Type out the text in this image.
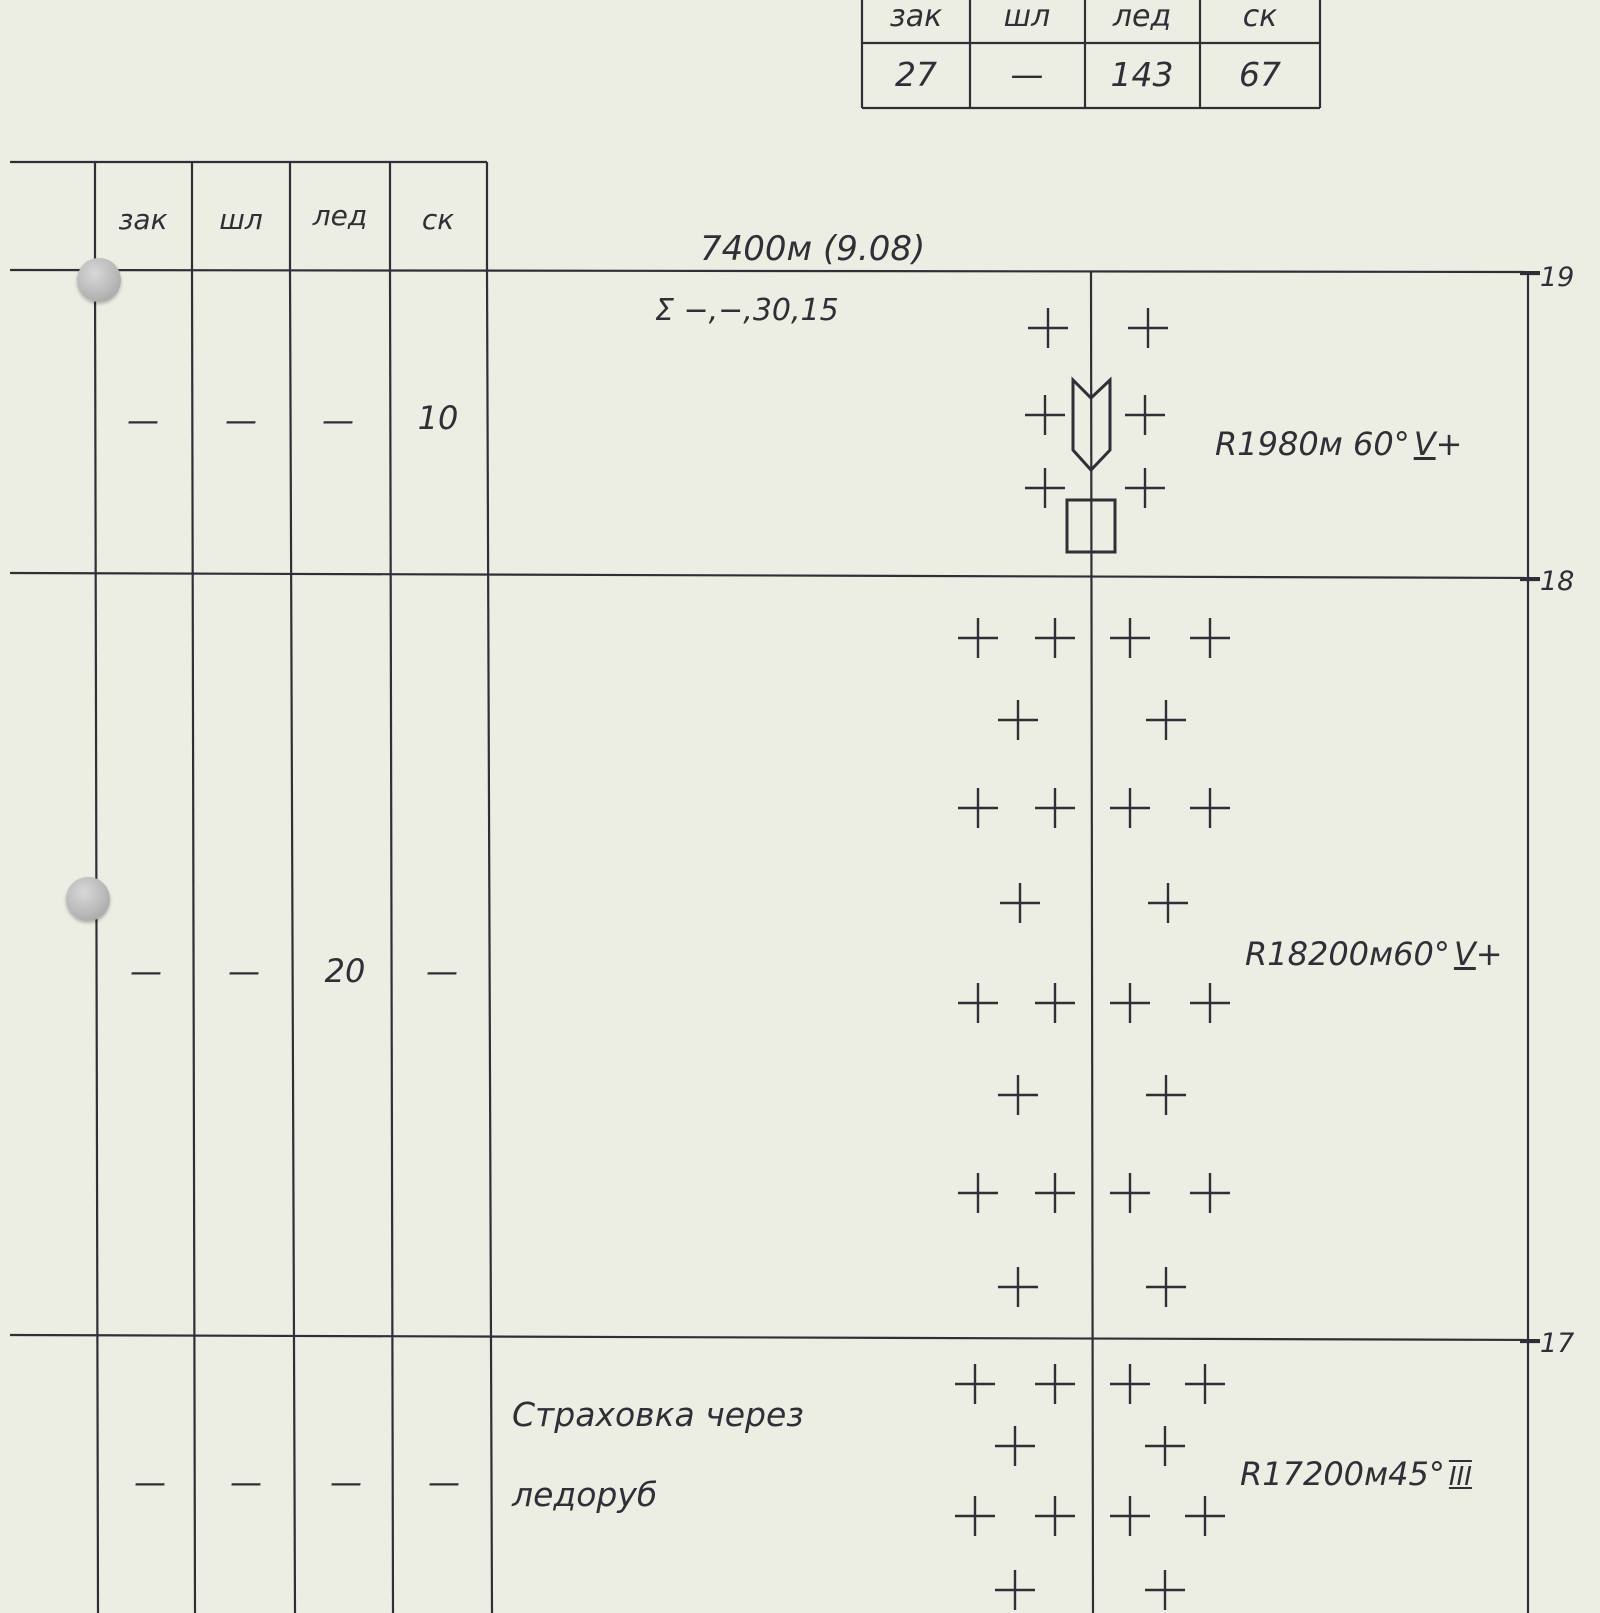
зак шл лед ск
27 — 143 67
зак шл лед ск
7400м (9.08)
Σ −,−,30,15
19
18
17
— — — 10
R1980м 60° V+
— — 20 —	R18200м60° V+
— — — —
Страховка через
ледоруб
R17200м45° III
